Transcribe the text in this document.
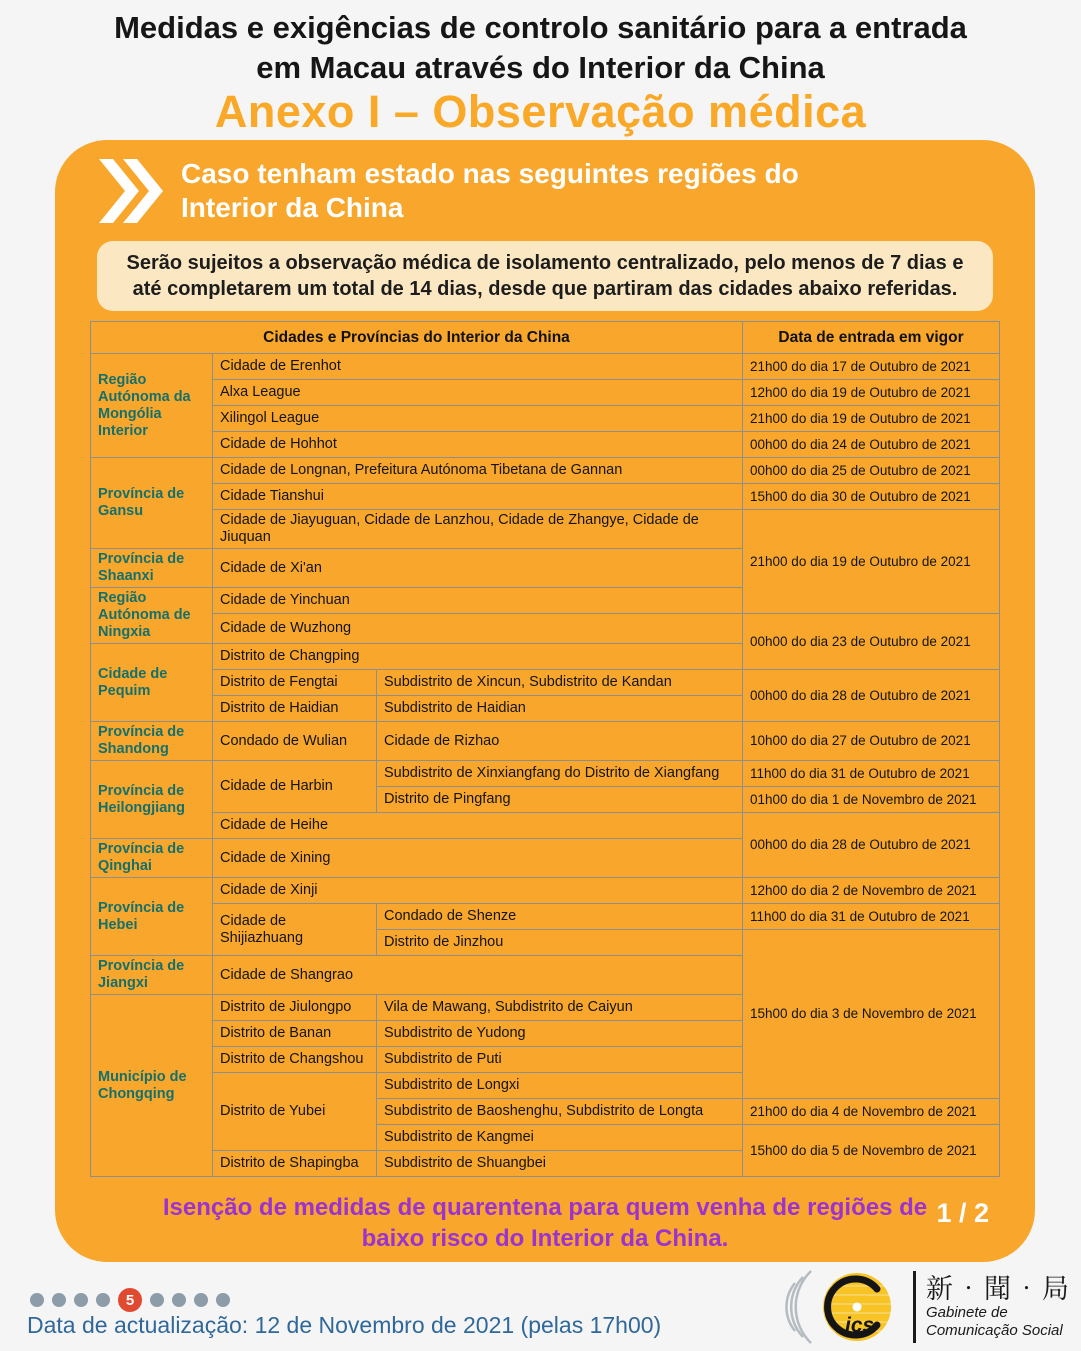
Medidas e exigências de controlo sanitário para a entrada
em Macau através do Interior da China
Anexo I – Observação médica
Caso tenham estado nas seguintes regiões do Interior da China
Serão sujeitos a observação médica de isolamento centralizado, pelo menos de 7 dias e até completarem um total de 14 dias, desde que partiram das cidades abaixo referidas.
Cidades e Províncias do Interior da China			Data de entrada em vigor
Região Autónoma da Mongólia Interior	Cidade de Erenhot		21h00 do dia 17 de Outubro de 2021
	Alxa League		12h00 do dia 19 de Outubro de 2021
	Xilingol League		21h00 do dia 19 de Outubro de 2021
	Cidade de Hohhot		00h00 do dia 24 de Outubro de 2021
Província de Gansu	Cidade de Longnan, Prefeitura Autónoma Tibetana de Gannan		00h00 do dia 25 de Outubro de 2021
	Cidade Tianshui		15h00 do dia 30 de Outubro de 2021
	Cidade de Jiayuguan, Cidade de Lanzhou, Cidade de Zhangye, Cidade de Jiuquan		21h00 do dia 19 de Outubro de 2021
Província de Shaanxi	Cidade de Xi'an		
Região Autónoma de Ningxia	Cidade de Yinchuan		
	Cidade de Wuzhong		00h00 do dia 23 de Outubro de 2021
Cidade de Pequim	Distrito de Changping		
	Distrito de Fengtai	Subdistrito de Xincun, Subdistrito de Kandan	00h00 do dia 28 de Outubro de 2021
	Distrito de Haidian	Subdistrito de Haidian	
Província de Shandong	Condado de Wulian	Cidade de Rizhao	10h00 do dia 27 de Outubro de 2021
Província de Heilongjiang	Cidade de Harbin	Subdistrito de Xinxiangfang do Distrito de Xiangfang	11h00 do dia 31 de Outubro de 2021
		Distrito de Pingfang	01h00 do dia 1 de Novembro de 2021
	Cidade de Heihe		00h00 do dia 28 de Outubro de 2021
Província de Qinghai	Cidade de Xining		
Província de Hebei	Cidade de Xinji		12h00 do dia 2 de Novembro de 2021
	Cidade de Shijiazhuang	Condado de Shenze	11h00 do dia 31 de Outubro de 2021
		Distrito de Jinzhou	15h00 do dia 3 de Novembro de 2021
Província de Jiangxi	Cidade de Shangrao		
Município de Chongqing	Distrito de Jiulongpo	Vila de Mawang, Subdistrito de Caiyun	
	Distrito de Banan	Subdistrito de Yudong	
	Distrito de Changshou	Subdistrito de Puti	
	Distrito de Yubei	Subdistrito de Longxi	
		Subdistrito de Baoshenghu, Subdistrito de Longta	21h00 do dia 4 de Novembro de 2021
		Subdistrito de Kangmei	15h00 do dia 5 de Novembro de 2021
	Distrito de Shapingba	Subdistrito de Shuangbei	
1 / 2
Isenção de medidas de quarentena para quem venha de regiões de baixo risco do Interior da China.
5
Data de actualização: 12 de Novembro de 2021 (pelas 17h00)	ics
新‧聞‧局
Gabinete de
Comunicação Social
